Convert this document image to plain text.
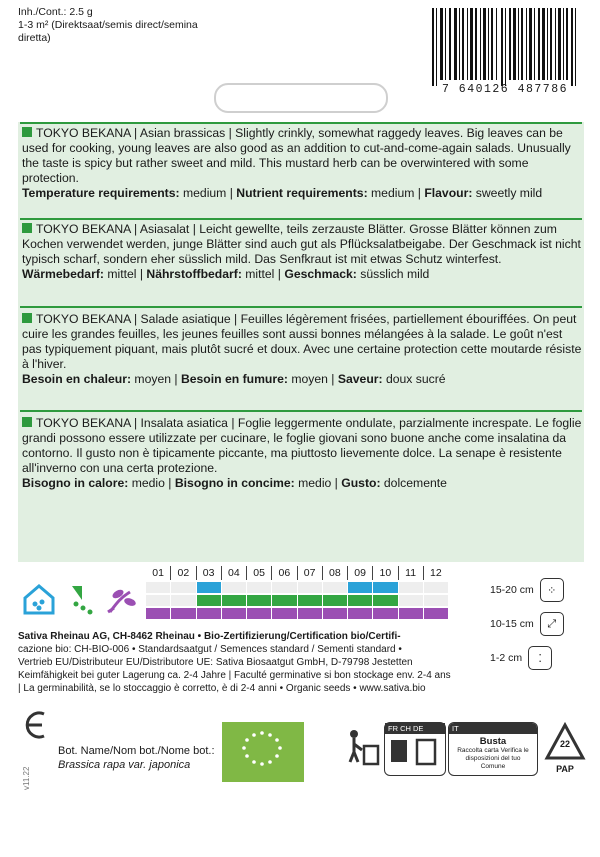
Inh./Cont.: 2.5 g
1-3 m² (Direktsaat/semis direct/semina
diretta)
7 640126 487786
TOKYO BEKANA | Asian brassicas | Slightly crinkly, somewhat raggedy leaves. Big leaves can be used for cooking, young leaves are also good as an addition to cut-and-come-again salads. Unusually the taste is spicy but rather sweet and mild. This mustard herb can be overwintered with some protection.
Temperature requirements: medium | Nutrient requirements: medium | Flavour: sweetly mild
TOKYO BEKANA | Asiasalat | Leicht gewellte, teils zerzauste Blätter. Grosse Blätter können zum Kochen verwendet werden, junge Blätter sind auch gut als Pflücksalatbeigabe. Der Geschmack ist nicht typisch scharf, sondern eher süsslich mild. Das Senfkraut ist mit etwas Schutz winterfest.
Wärmebedarf: mittel | Nährstoffbedarf: mittel | Geschmack: süsslich mild
TOKYO BEKANA | Salade asiatique | Feuilles légèrement frisées, partiellement ébouriffées. On peut cuire les grandes feuilles, les jeunes feuilles sont aussi bonnes mélangées à la salade. Le goût n'est pas typiquement piquant, mais plutôt sucré et doux. Avec une certaine protection cette moutarde résiste à l'hiver.
Besoin en chaleur: moyen | Besoin en fumure: moyen | Saveur: doux sucré
TOKYO BEKANA | Insalata asiatica | Foglie leggermente ondulate, parzialmente increspate. Le foglie grandi possono essere utilizzate per cucinare, le foglie giovani sono buone anche come insalatina da contorno. Il gusto non è tipicamente piccante, ma piuttosto lievemente dolce. La senape è resistente all'inverno con una certa protezione.
Bisogno in calore: medio | Bisogno in concime: medio | Gusto: dolcemente
01	02	03	04	05	06	07	08	09	10	11	12
15-20 cm	⁘
10-15 cm	⤢
1-2 cm	⁚
Sativa Rheinau AG, CH-8462 Rheinau • Bio-Zertifizierung/Certification bio/Certifi-
cazione bio: CH-BIO-006 • Standardsaatgut / Semences standard / Sementi standard •
Vertrieb EU/Distributeur EU/Distributore UE: Sativa Biosaatgut GmbH, D-79798 Jestetten
Keimfähigkeit bei guter Lagerung ca. 2-4 Jahre | Faculté germinative si bon stockage env. 2-4 ans
| La germinabilità, se lo stoccaggio è corretto, è di 2-4 anni • Organic seeds • www.sativa.bio
v11.22
Bot. Name/Nom bot./Nome bot.:
Brassica rapa var. japonica
FR CH DE	IT
Busta
Raccolta carta Verifica le disposizioni del tuo Comune
22
PAP
